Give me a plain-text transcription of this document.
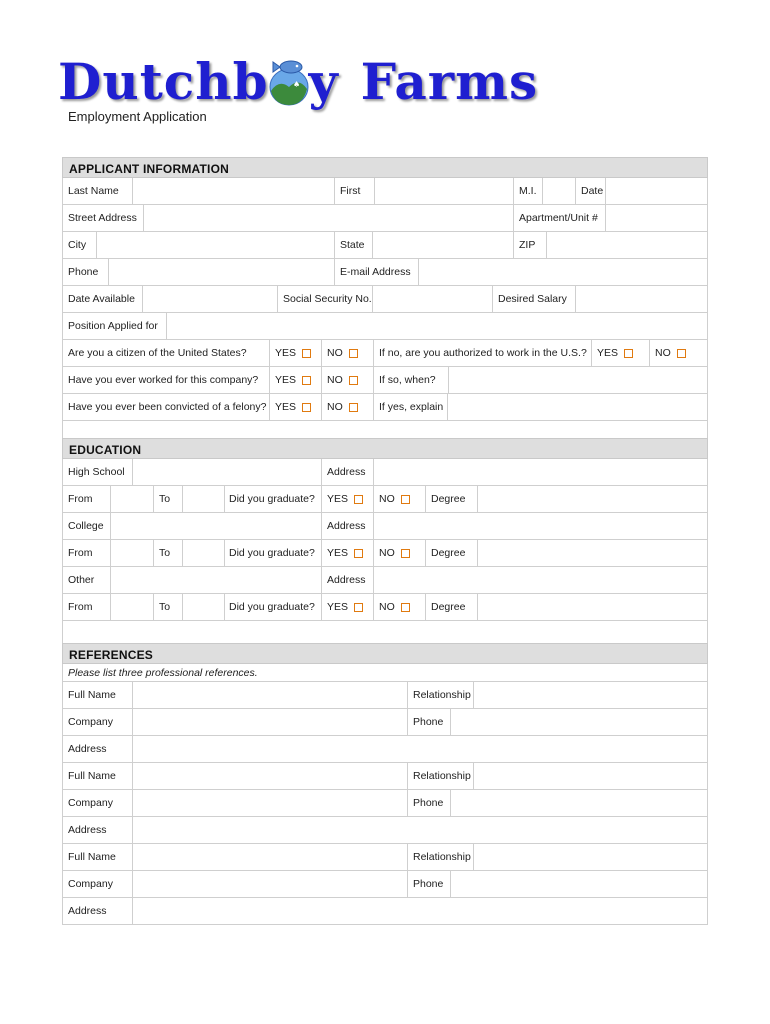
Dutchb	♠ y Farms
Employment Application
APPLICANT INFORMATION
Last Name	First	M.I.	Date
Street Address	Apartment/Unit #
City	State	ZIP
Phone	E-mail Address
Date Available	Social Security No.	Desired Salary
Position Applied for
Are you a citizen of the United States?	YES	NO	If no, are you authorized to work in the U.S.? YES	NO
Have you ever worked for this company? YES	NO	If so, when?
Have you ever been convicted of a felony? YES	NO	If yes, explain
EDUCATION
High School	Address
From	To	Did you graduate? YES	NO	Degree
College	Address
From	To	Did you graduate? YES	NO	Degree
Other	Address
From	To	Did you graduate? YES	NO	Degree
REFERENCES
Please list three professional references.
Full Name	Relationship
Company	Phone
Address
Full Name	Relationship
Company	Phone
Address
Full Name	Relationship
Company	Phone
Address
